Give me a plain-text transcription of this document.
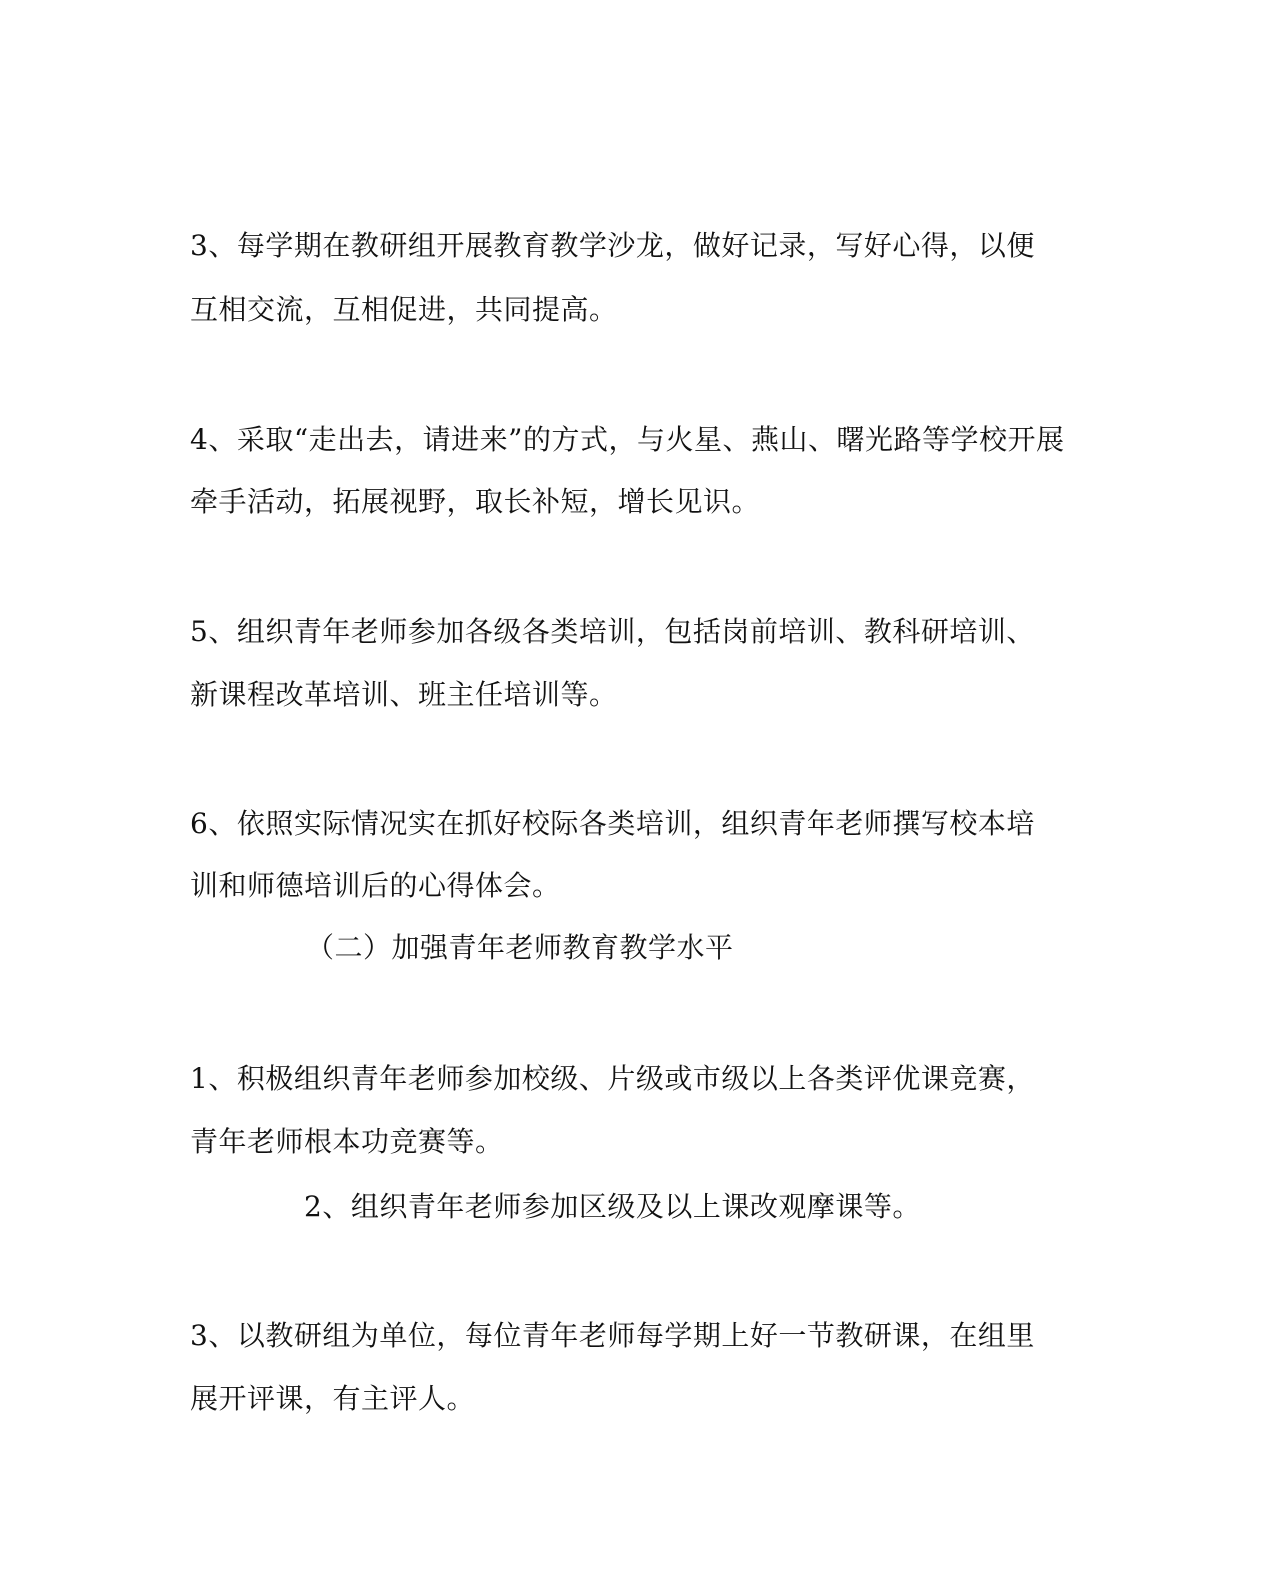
3、每学期在教研组开展教育教学沙龙，做好记录，写好心得，以便
互相交流，互相促进，共同提高。
4、采取“走出去，请进来”的方式，与火星、燕山、曙光路等学校开展
牵手活动，拓展视野，取长补短，增长见识。
5、组织青年老师参加各级各类培训，包括岗前培训、教科研培训、
新课程改革培训、班主任培训等。
6、依照实际情况实在抓好校际各类培训，组织青年老师撰写校本培
训和师德培训后的心得体会。
（二）加强青年老师教育教学水平
1、积极组织青年老师参加校级、片级或市级以上各类评优课竞赛，
青年老师根本功竞赛等。
2、组织青年老师参加区级及以上课改观摩课等。
3、以教研组为单位，每位青年老师每学期上好一节教研课，在组里
展开评课，有主评人。
